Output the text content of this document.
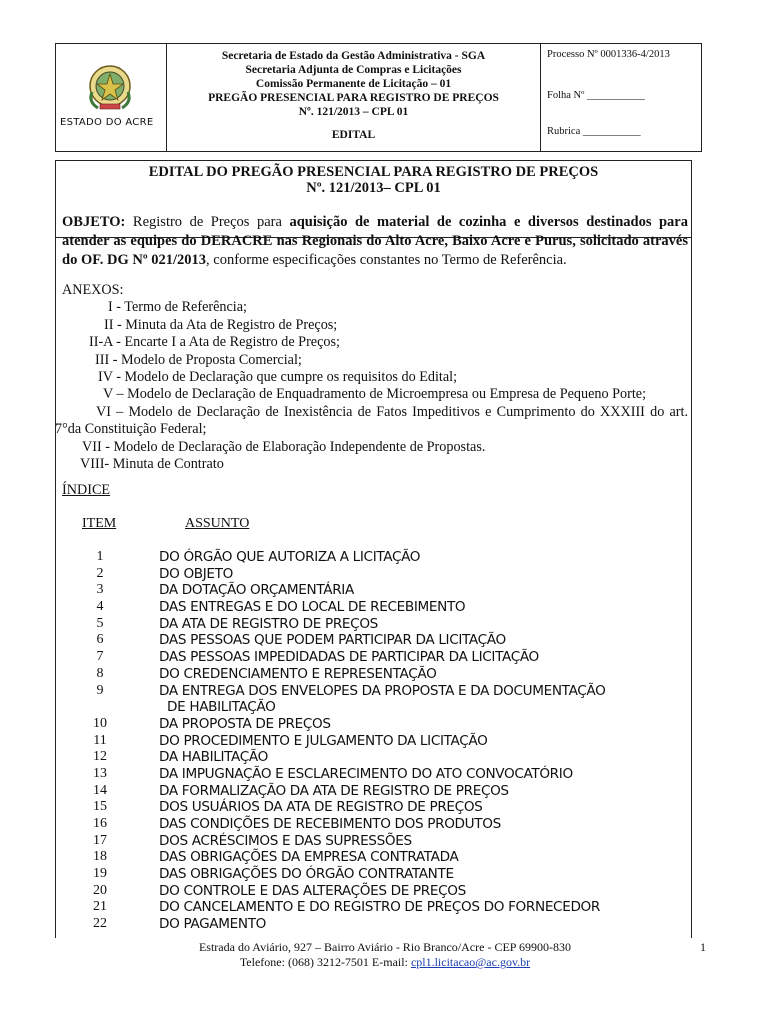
ESTADO DO ACRE
Secretaria de Estado da Gestão Administrativa - SGA
Secretaria Adjunta de Compras e Licitações
Comissão Permanente de Licitação – 01
PREGÃO PRESENCIAL PARA REGISTRO DE PREÇOS
Nº. 121/2013 – CPL 01
EDITAL
Processo Nº 0001336-4/2013
Folha Nº ___________
Rubrica ___________
EDITAL DO PREGÃO PRESENCIAL PARA REGISTRO DE PREÇOS
Nº. 121/2013– CPL 01
OBJETO: Registro de Preços para aquisição de material de cozinha e diversos destinados para atender as equipes do DERACRE nas Regionais do Alto Acre, Baixo Acre e Purus, solicitado através do OF. DG Nº 021/2013, conforme especificações constantes no Termo de Referência.
ANEXOS:
I - Termo de Referência;
II - Minuta da Ata de Registro de Preços;
II-A - Encarte I a Ata de Registro de Preços;
III - Modelo de Proposta Comercial;
IV - Modelo de Declaração que cumpre os requisitos do Edital;
V – Modelo de Declaração de Enquadramento de Microempresa ou Empresa de Pequeno Porte;
VI – Modelo de Declaração de Inexistência de Fatos Impeditivos e Cumprimento do XXXIII do art. 7°da Constituição Federal;
VII - Modelo de Declaração de Elaboração Independente de Propostas.
VIII- Minuta de Contrato
ÍNDICE
ITEM	ASSUNTO
1	DO ÓRGÃO QUE AUTORIZA A LICITAÇÃO
2	DO OBJETO
3	DA DOTAÇÃO ORÇAMENTÁRIA
4	DAS ENTREGAS E DO LOCAL DE RECEBIMENTO
5	DA ATA DE REGISTRO DE PREÇOS
6	DAS PESSOAS QUE PODEM PARTICIPAR DA LICITAÇÃO
7	DAS PESSOAS IMPEDIDADAS DE PARTICIPAR DA LICITAÇÃO
8	DO CREDENCIAMENTO E REPRESENTAÇÃO
9	DA ENTREGA DOS ENVELOPES DA PROPOSTA E DA DOCUMENTAÇÃO
DE HABILITAÇÃO
10	DA PROPOSTA DE PREÇOS
11	DO PROCEDIMENTO E JULGAMENTO DA LICITAÇÃO
12	DA HABILITAÇÃO
13	DA IMPUGNAÇÃO E ESCLARECIMENTO DO ATO CONVOCATÓRIO
14	DA FORMALIZAÇÃO DA ATA DE REGISTRO DE PREÇOS
15	DOS USUÁRIOS DA ATA DE REGISTRO DE PREÇOS
16	DAS CONDIÇÕES DE RECEBIMENTO DOS PRODUTOS
17	DOS ACRÉSCIMOS E DAS SUPRESSÕES
18	DAS OBRIGAÇÕES DA EMPRESA CONTRATADA
19	DAS OBRIGAÇÕES DO ÓRGÃO CONTRATANTE
20	DO CONTROLE E DAS ALTERAÇÕES DE PREÇOS
21	DO CANCELAMENTO E DO REGISTRO DE PREÇOS DO FORNECEDOR
22	DO PAGAMENTO
Estrada do Aviário, 927 – Bairro Aviário - Rio Branco/Acre - CEP 69900-830
Telefone: (068) 3212-7501 E-mail: cpl1.licitacao@ac.gov.br
1
